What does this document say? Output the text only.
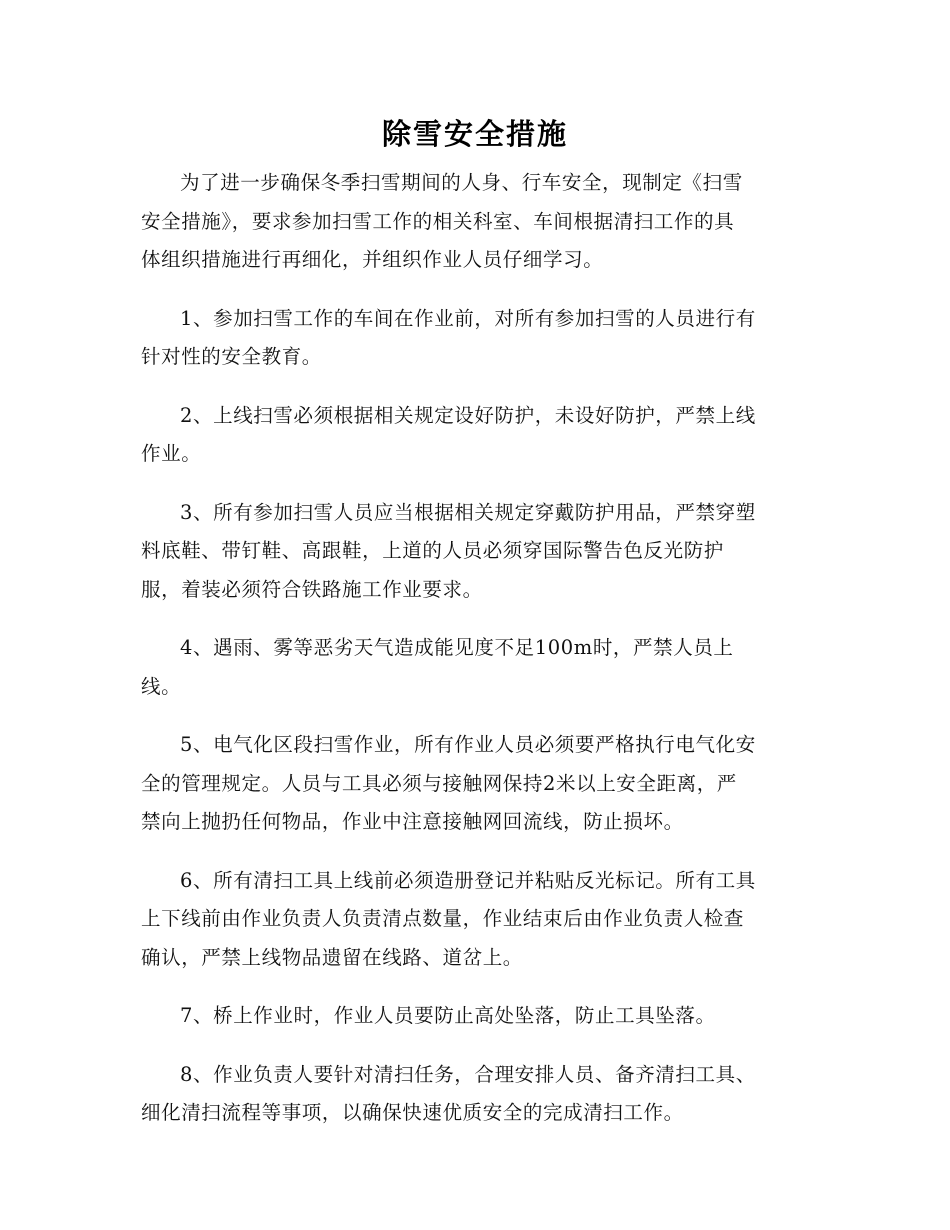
除雪安全措施

为了进一步确保冬季扫雪期间的人身、行车安全，现制定《扫雪
安全措施》，要求参加扫雪工作的相关科室、车间根据清扫工作的具
体组织措施进行再细化，并组织作业人员仔细学习。

1、参加扫雪工作的车间在作业前，对所有参加扫雪的人员进行有
针对性的安全教育。

2、上线扫雪必须根据相关规定设好防护，未设好防护，严禁上线
作业。

3、所有参加扫雪人员应当根据相关规定穿戴防护用品，严禁穿塑
料底鞋、带钉鞋、高跟鞋，上道的人员必须穿国际警告色反光防护
服，着装必须符合铁路施工作业要求。

4、遇雨、雾等恶劣天气造成能见度不足100m时，严禁人员上
线。

5、电气化区段扫雪作业，所有作业人员必须要严格执行电气化安
全的管理规定。人员与工具必须与接触网保持2米以上安全距离，严
禁向上抛扔任何物品，作业中注意接触网回流线，防止损坏。

6、所有清扫工具上线前必须造册登记并粘贴反光标记。所有工具
上下线前由作业负责人负责清点数量，作业结束后由作业负责人检查
确认，严禁上线物品遗留在线路、道岔上。

7、桥上作业时，作业人员要防止高处坠落，防止工具坠落。

8、作业负责人要针对清扫任务，合理安排人员、备齐清扫工具、
细化清扫流程等事项，以确保快速优质安全的完成清扫工作。
